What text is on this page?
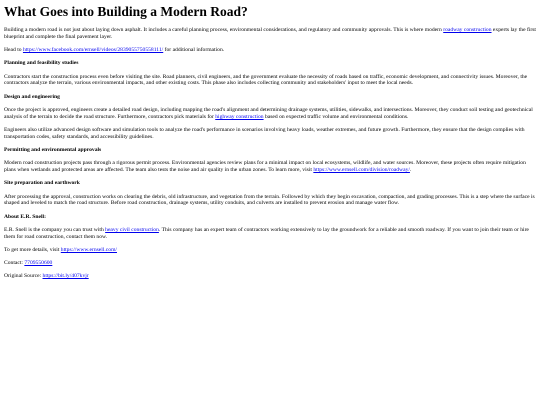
What Goes into Building a Modern Road?

Building a modern road is not just about laying down asphalt. It includes a careful planning process, environmental considerations, and regulatory and community approvals. This is where modern roadway construction experts lay the first blueprint and complete the final pavement layer.

Head to https://www.facebook.com/ernsell/videos/2839055750558111/ for additional information.

Planning and feasibility studies

Contractors start the construction process even before visiting the site. Road planners, civil engineers, and the government evaluate the necessity of roads based on traffic, economic development, and connectivity issues. Moreover, the contractors analyze the terrain, various environmental impacts, and other existing costs. This phase also includes collecting community and stakeholders' input to meet the local needs.

Design and engineering

Once the project is approved, engineers create a detailed road design, including mapping the road's alignment and determining drainage systems, utilities, sidewalks, and intersections. Moreover, they conduct soil testing and geotechnical analysis of the terrain to decide the road structure. Furthermore, contractors pick materials for highway construction based on expected traffic volume and environmental conditions.

Engineers also utilize advanced design software and simulation tools to analyze the road's performance in scenarios involving heavy loads, weather extremes, and future growth. Furthermore, they ensure that the design complies with transportation codes, safety standards, and accessibility guidelines.

Permitting and environmental approvals

Modern road construction projects pass through a rigorous permit process. Environmental agencies review plans for a minimal impact on local ecosystems, wildlife, and water sources. Moreover, these projects often require mitigation plans when wetlands and protected areas are affected. The team also tests the noise and air quality in the urban zones. To learn more, visit https://www.ernsell.com/division/roadway/.

Site preparation and earthwork

After processing the approval, construction works on clearing the debris, old infrastructure, and vegetation from the terrain. Followed by which they begin excavation, compaction, and grading processes. This is a step where the surface is shaped and leveled to match the road structure. Before road construction, drainage systems, utility conduits, and culverts are installed to prevent erosion and manage water flow.

About E.R. Snell:

E.R. Snell is the company you can trust with heavy civil construction. This company has an expert team of contractors working extensively to lay the groundwork for a reliable and smooth roadway. If you want to join their team or hire them for road construction, contact them now.

To get more details, visit https://www.ernsell.com/

Contact: 7709550600

Original Source: https://bit.ly/407kvjr
